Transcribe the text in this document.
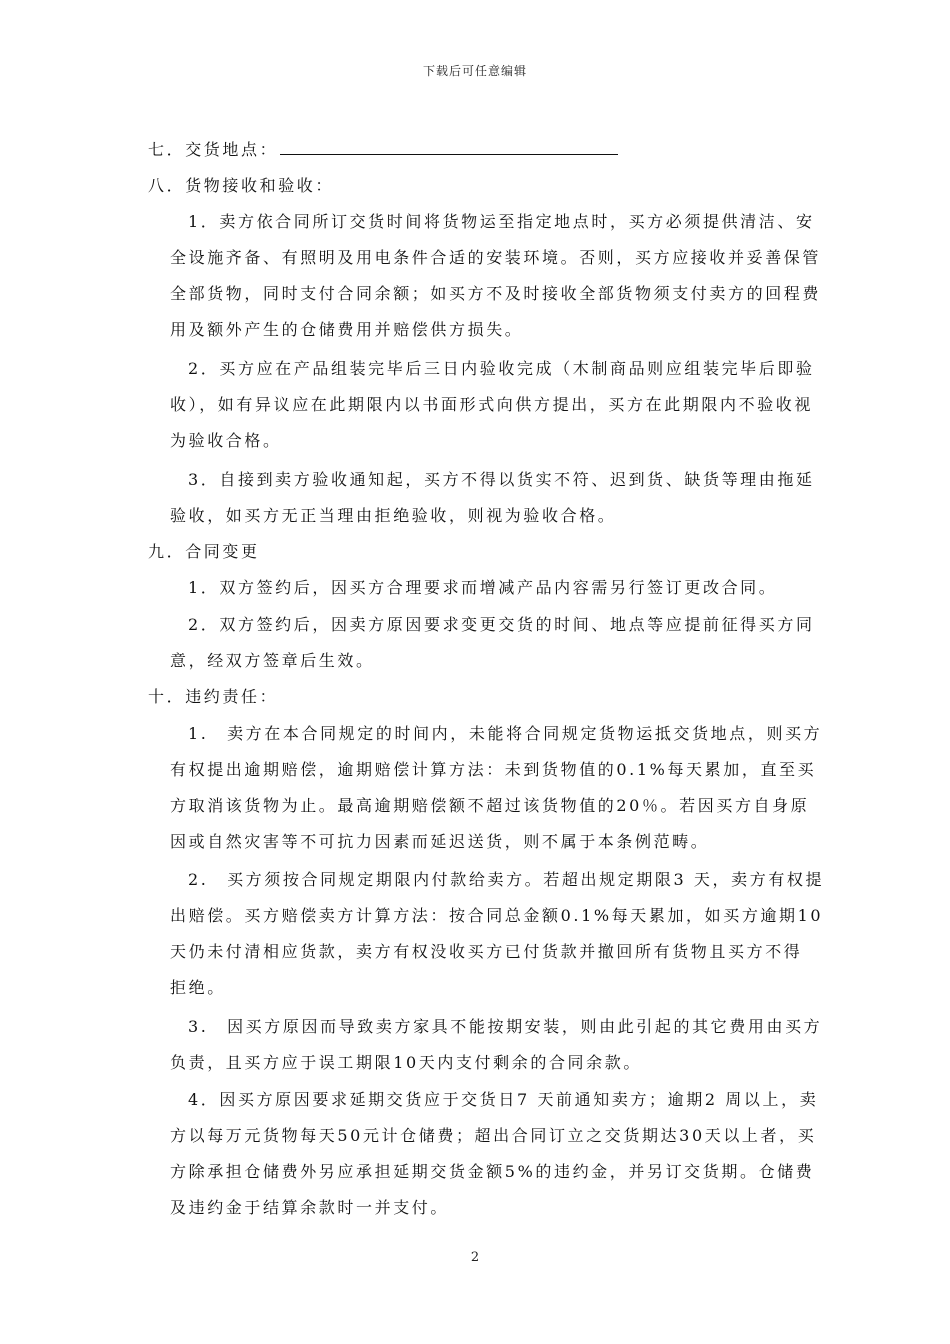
下载后可任意编辑
七．交货地点：
八．货物接收和验收：
1．卖方依合同所订交货时间将货物运至指定地点时，买方必须提供清洁、安
全设施齐备、有照明及用电条件合适的安装环境。否则，买方应接收并妥善保管
全部货物，同时支付合同余额；如买方不及时接收全部货物须支付卖方的回程费
用及额外产生的仓储费用并赔偿供方损失。
2．买方应在产品组装完毕后三日内验收完成（木制商品则应组装完毕后即验
收），如有异议应在此期限内以书面形式向供方提出，买方在此期限内不验收视
为验收合格。
3．自接到卖方验收通知起，买方不得以货实不符、迟到货、缺货等理由拖延
验收，如买方无正当理由拒绝验收，则视为验收合格。
九．合同变更
1．双方签约后，因买方合理要求而增减产品内容需另行签订更改合同。
2．双方签约后，因卖方原因要求变更交货的时间、地点等应提前征得买方同
意，经双方签章后生效。
十．违约责任：
1.　卖方在本合同规定的时间内，未能将合同规定货物运抵交货地点，则买方
有权提出逾期赔偿，逾期赔偿计算方法：未到货物值的0.1%每天累加，直至买
方取消该货物为止。最高逾期赔偿额不超过该货物值的20％。若因买方自身原
因或自然灾害等不可抗力因素而延迟送货，则不属于本条例范畴。
2.　买方须按合同规定期限内付款给卖方。若超出规定期限3 天，卖方有权提
出赔偿。买方赔偿卖方计算方法：按合同总金额0.1%每天累加，如买方逾期10
天仍未付清相应货款，卖方有权没收买方已付货款并撤回所有货物且买方不得
拒绝。
3.　因买方原因而导致卖方家具不能按期安装，则由此引起的其它费用由买方
负责，且买方应于误工期限10天内支付剩余的合同余款。
4．因买方原因要求延期交货应于交货日7 天前通知卖方；逾期2 周以上，卖
方以每万元货物每天50元计仓储费；超出合同订立之交货期达30天以上者，买
方除承担仓储费外另应承担延期交货金额5%的违约金，并另订交货期。仓储费
及违约金于结算余款时一并支付。
2
